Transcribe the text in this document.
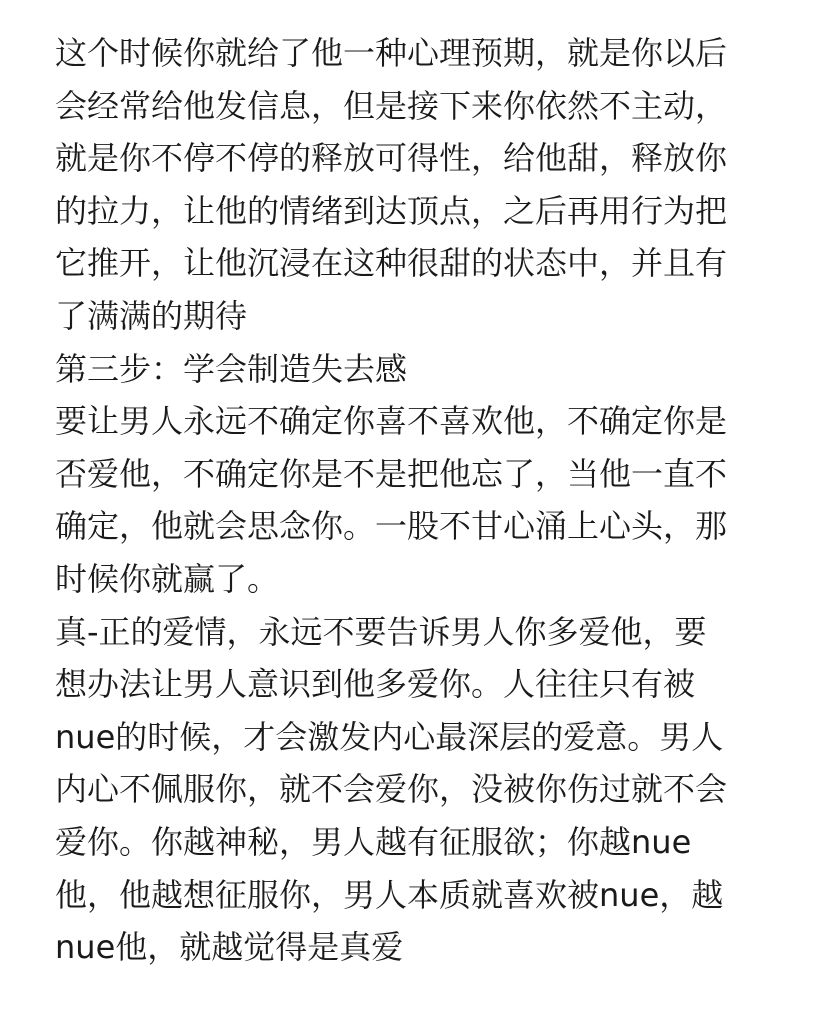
这个时候你就给了他一种心理预期，就是你以后
会经常给他发信息，但是接下来你依然不主动，
就是你不停不停的释放可得性，给他甜，释放你
的拉力，让他的情绪到达顶点，之后再用行为把
它推开，让他沉浸在这种很甜的状态中，并且有
了满满的期待
第三步：学会制造失去感
要让男人永远不确定你喜不喜欢他，不确定你是
否爱他，不确定你是不是把他忘了，当他一直不
确定，他就会思念你。一股不甘心涌上心头，那
时候你就赢了。
真-正的爱情，永远不要告诉男人你多爱他，要
想办法让男人意识到他多爱你。人往往只有被
nue的时候，才会激发内心最深层的爱意。男人
内心不佩服你，就不会爱你，没被你伤过就不会
爱你。你越神秘，男人越有征服欲；你越nue
他，他越想征服你，男人本质就喜欢被nue，越
nue他，就越觉得是真爱
